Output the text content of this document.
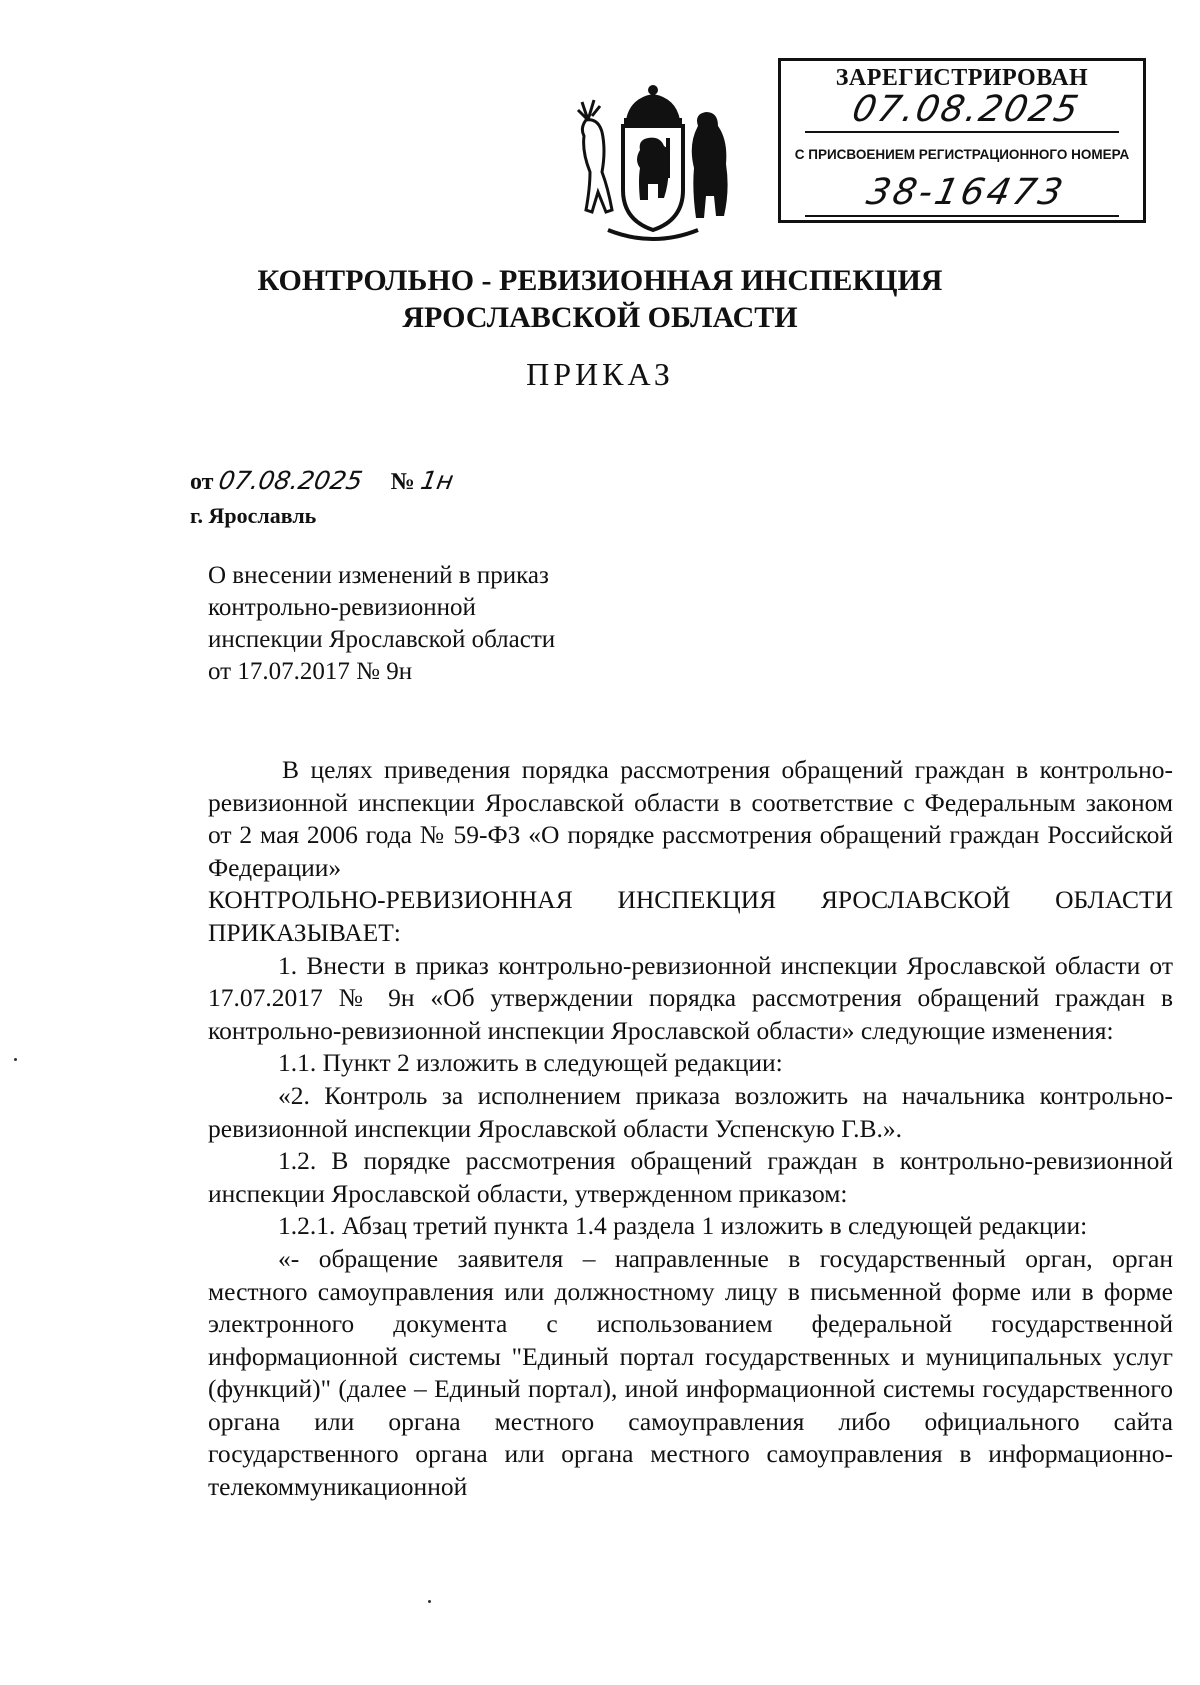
ЗАРЕГИСТРИРОВАН
07.08.2025
С ПРИСВОЕНИЕМ РЕГИСТРАЦИОННОГО НОМЕРА
38-16473
КОНТРОЛЬНО - РЕВИЗИОННАЯ ИНСПЕКЦИЯ
ЯРОСЛАВСКОЙ ОБЛАСТИ
ПРИКАЗ
от 07.08.2025 № 1н
г. Ярославль
О внесении изменений в приказ
контрольно-ревизионной
инспекции Ярославской области
от 17.07.2017 № 9н

В целях приведения порядка рассмотрения обращений граждан в контрольно-ревизионной инспекции Ярославской области в соответствие с Федеральным законом от 2 мая 2006 года № 59-ФЗ «О порядке рассмотрения обращений граждан Российской Федерации»

КОНТРОЛЬНО-РЕВИЗИОННАЯ ИНСПЕКЦИЯ ЯРОСЛАВСКОЙ ОБЛАСТИ

ПРИКАЗЫВАЕТ:

1. Внести в приказ контрольно-ревизионной инспекции Ярославской области от 17.07.2017 № 9н «Об утверждении порядка рассмотрения обращений граждан в контрольно-ревизионной инспекции Ярославской области» следующие изменения:

1.1. Пункт 2 изложить в следующей редакции:

«2. Контроль за исполнением приказа возложить на начальника контрольно-ревизионной инспекции Ярославской области Успенскую Г.В.».

1.2. В порядке рассмотрения обращений граждан в контрольно-ревизионной инспекции Ярославской области, утвержденном приказом:

1.2.1. Абзац третий пункта 1.4 раздела 1 изложить в следующей редакции:

«- обращение заявителя – направленные в государственный орган, орган местного самоуправления или должностному лицу в письменной форме или в форме электронного документа с использованием федеральной государственной информационной системы "Единый портал государственных и муниципальных услуг (функций)" (далее – Единый портал), иной информационной системы государственного органа или органа местного самоуправления либо официального сайта государственного органа или органа местного самоуправления в информационно-телекоммуникационной
